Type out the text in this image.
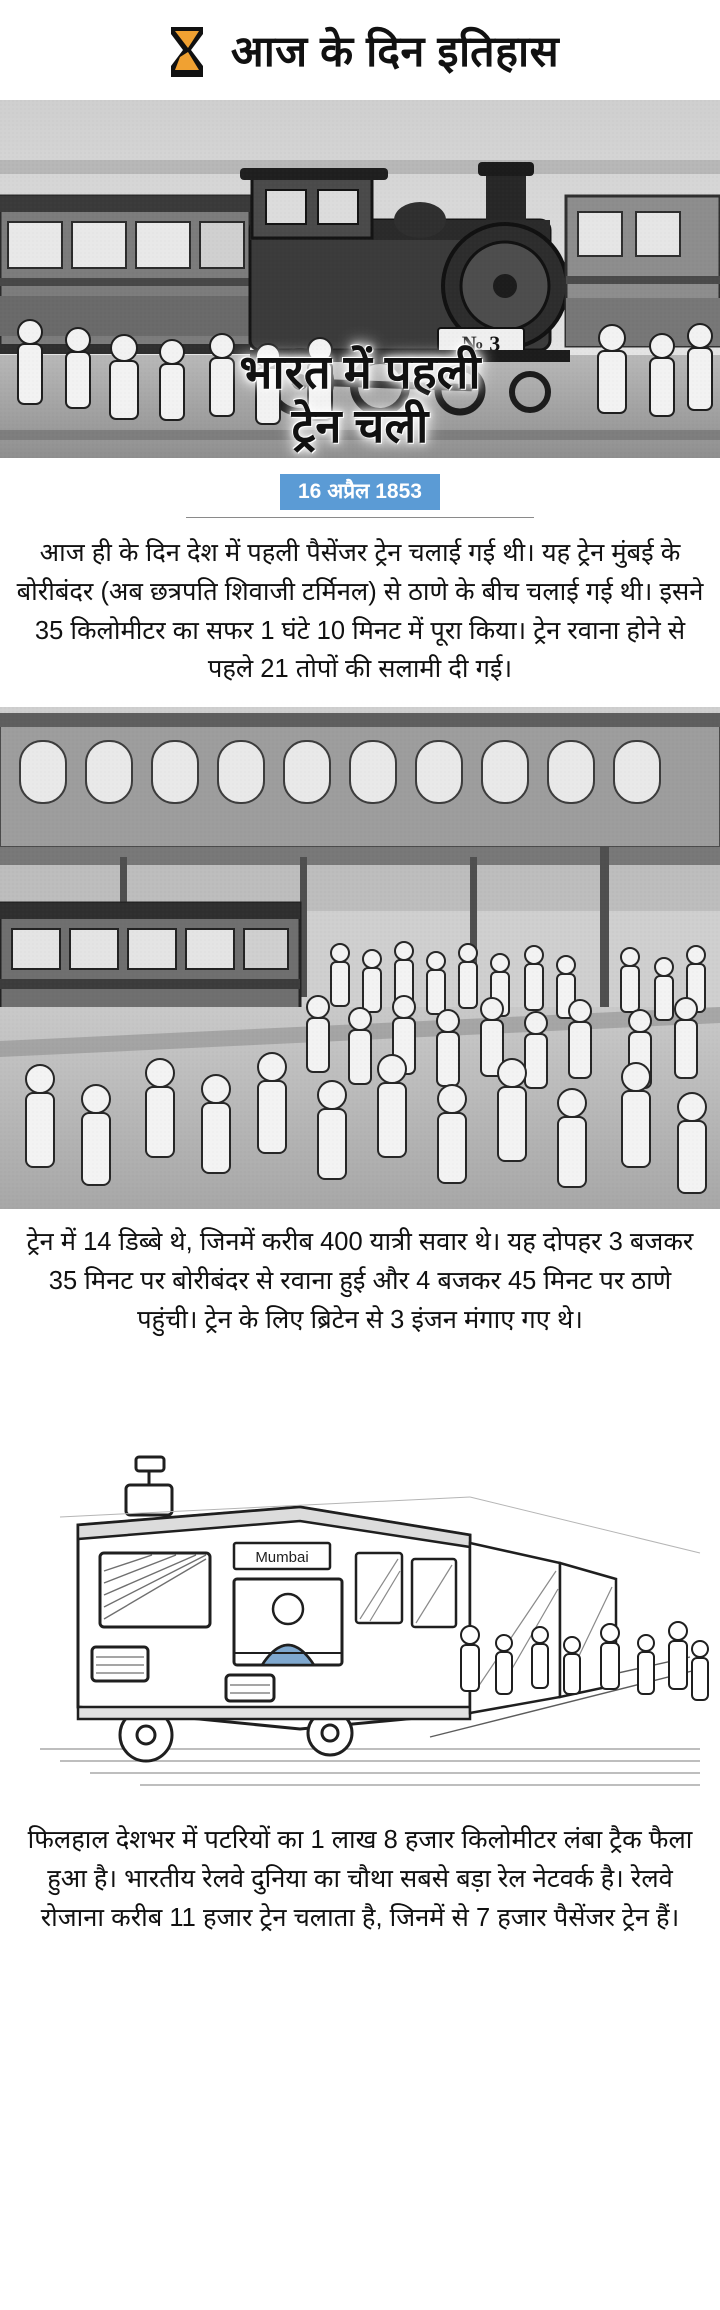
आज के दिन इतिहास
भारत में पहली
ट्रेन चली
16 अप्रैल 1853

आज ही के दिन देश में पहली पैसेंजर ट्रेन चलाई गई थी। यह ट्रेन मुंबई के बोरीबंदर (अब छत्रपति शिवाजी टर्मिनल) से ठाणे के बीच चलाई गई थी। इसने 35 किलोमीटर का सफर 1 घंटे 10 मिनट में पूरा किया। ट्रेन रवाना होने से पहले 21 तोपों की सलामी दी गई।

ट्रेन में 14 डिब्बे थे, जिनमें करीब 400 यात्री सवार थे। यह दोपहर 3 बजकर 35 मिनट पर बोरीबंदर से रवाना हुई और 4 बजकर 45 मिनट पर ठाणे पहुंची। ट्रेन के लिए ब्रिटेन से 3 इंजन मंगाए गए थे।

Mumbai

फिलहाल देशभर में पटरियों का 1 लाख 8 हजार किलोमीटर लंबा ट्रैक फैला हुआ है। भारतीय रेलवे दुनिया का चौथा सबसे बड़ा रेल नेटवर्क है। रेलवे रोजाना करीब 11 हजार ट्रेन चलाता है, जिनमें से 7 हजार पैसेंजर ट्रेन हैं।
